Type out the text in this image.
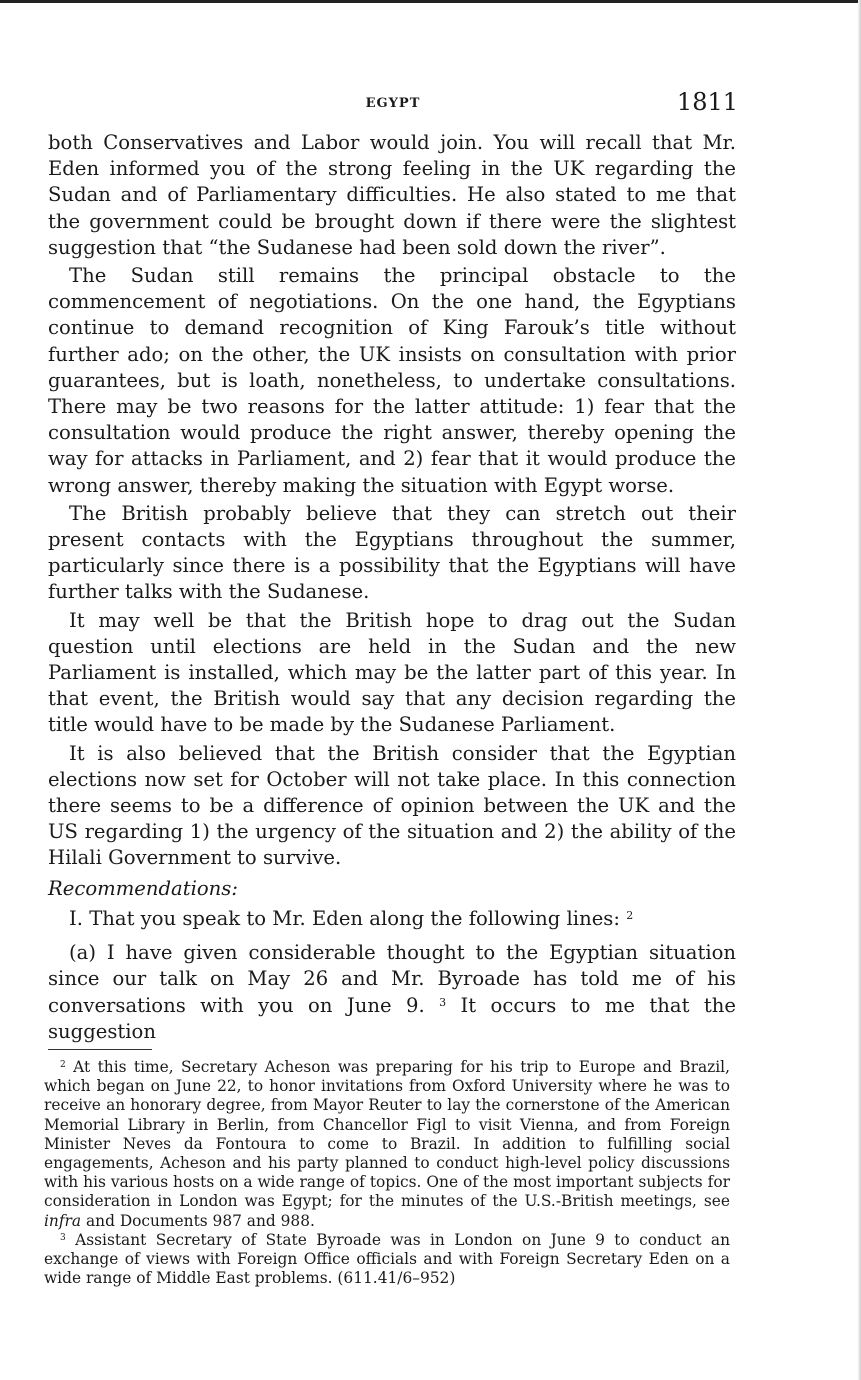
EGYPT	1811

both Conservatives and Labor would join. You will recall that Mr. Eden informed you of the strong feeling in the UK regarding the Sudan and of Parliamentary difficulties. He also stated to me that the government could be brought down if there were the slightest suggestion that “the Sudanese had been sold down the river”.

The Sudan still remains the principal obstacle to the commencement of negotiations. On the one hand, the Egyptians continue to demand recognition of King Farouk’s title without further ado; on the other, the UK insists on consultation with prior guarantees, but is loath, nonetheless, to undertake consultations. There may be two reasons for the latter attitude: 1) fear that the consultation would produce the right answer, thereby opening the way for attacks in Parliament, and 2) fear that it would produce the wrong answer, thereby making the situation with Egypt worse.

The British probably believe that they can stretch out their present contacts with the Egyptians throughout the summer, particularly since there is a possibility that the Egyptians will have further talks with the Sudanese.

It may well be that the British hope to drag out the Sudan question until elections are held in the Sudan and the new Parliament is installed, which may be the latter part of this year. In that event, the British would say that any decision regarding the title would have to be made by the Sudanese Parliament.

It is also believed that the British consider that the Egyptian elections now set for October will not take place. In this connection there seems to be a difference of opinion between the UK and the US regarding 1) the urgency of the situation and 2) the ability of the Hilali Government to survive.

Recommendations:

I. That you speak to Mr. Eden along the following lines: $^2$

(a) I have given considerable thought to the Egyptian situation since our talk on May 26 and Mr. Byroade has told me of his conversations with you on June 9. $^3$ It occurs to me that the suggestion

$^2$ At this time, Secretary Acheson was preparing for his trip to Europe and Brazil, which began on June 22, to honor invitations from Oxford University where he was to receive an honorary degree, from Mayor Reuter to lay the cornerstone of the American Memorial Library in Berlin, from Chancellor Figl to visit Vienna, and from Foreign Minister Neves da Fontoura to come to Brazil. In addition to fulfilling social engagements, Acheson and his party planned to conduct high-level policy discussions with his various hosts on a wide range of topics. One of the most important subjects for consideration in London was Egypt; for the minutes of the U.S.-British meetings, see infra and Documents 987 and 988.

$^3$ Assistant Secretary of State Byroade was in London on June 9 to conduct an exchange of views with Foreign Office officials and with Foreign Secretary Eden on a wide range of Middle East problems. (611.41/6–952)
